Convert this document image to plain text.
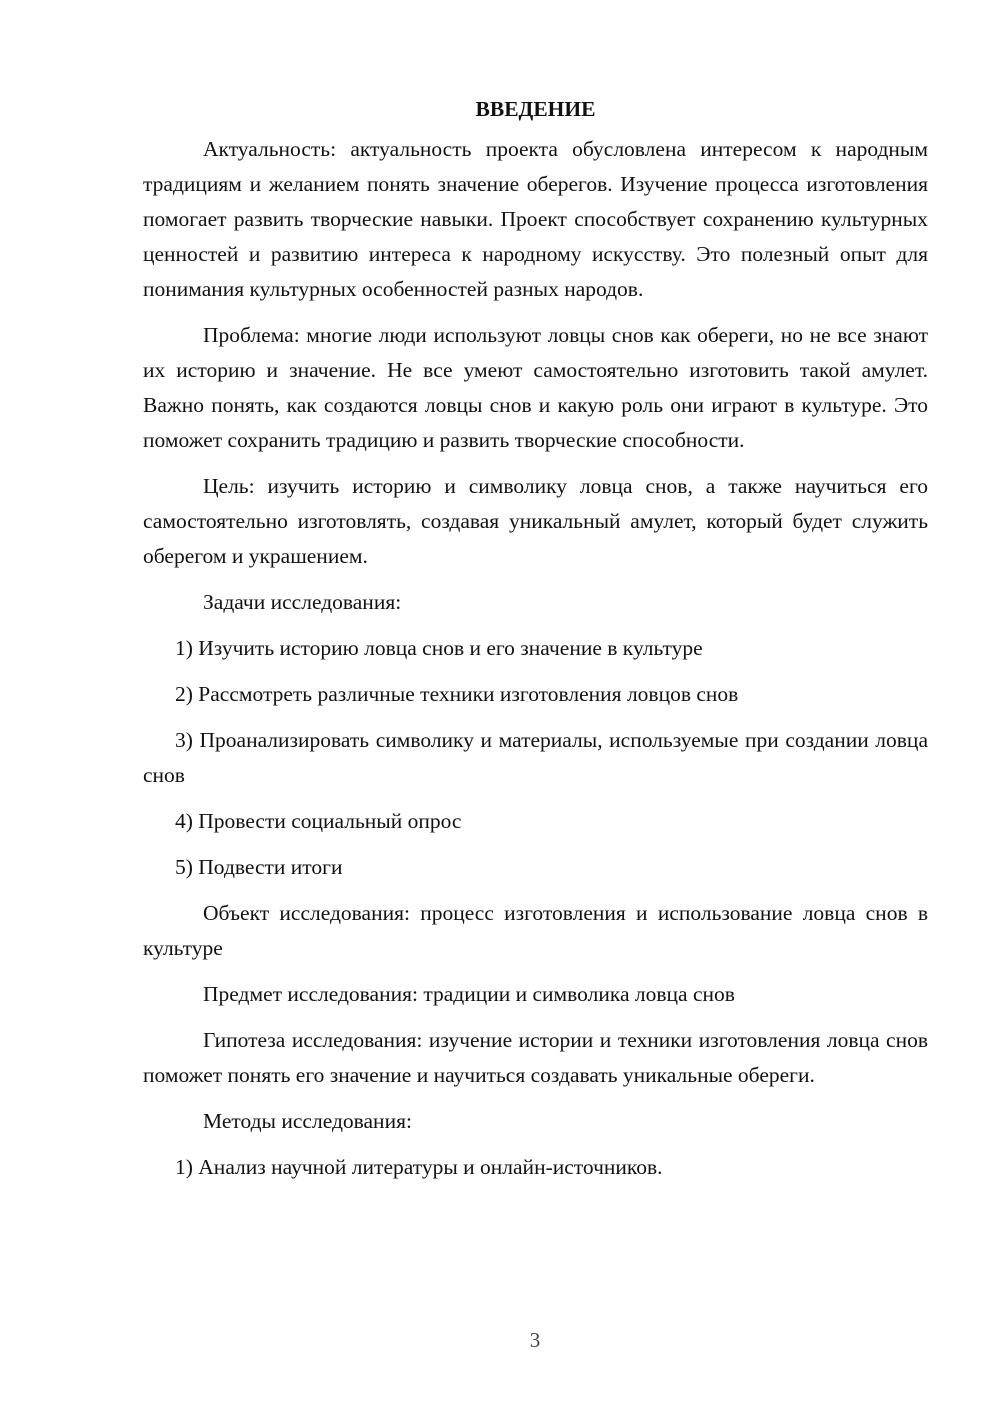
ВВЕДЕНИЕ

Актуальность: актуальность проекта обусловлена интересом к народным традициям и желанием понять значение оберегов. Изучение процесса изготовления помогает развить творческие навыки. Проект способствует сохранению культурных ценностей и развитию интереса к народному искусству. Это полезный опыт для понимания культурных особенностей разных народов.

Проблема: многие люди используют ловцы снов как обереги, но не все знают их историю и значение. Не все умеют самостоятельно изготовить такой амулет. Важно понять, как создаются ловцы снов и какую роль они играют в культуре. Это поможет сохранить традицию и развить творческие способности.

Цель: изучить историю и символику ловца снов, а также научиться его самостоятельно изготовлять, создавая уникальный амулет, который будет служить оберегом и украшением.

Задачи исследования:

1) Изучить историю ловца снов и его значение в культуре

2) Рассмотреть различные техники изготовления ловцов снов

3) Проанализировать символику и материалы, используемые при создании ловца снов

4) Провести социальный опрос

5) Подвести итоги

Объект исследования: процесс изготовления и использование ловца снов в культуре

Предмет исследования: традиции и символика ловца снов

Гипотеза исследования: изучение истории и техники изготовления ловца снов поможет понять его значение и научиться создавать уникальные обереги.

Методы исследования:

1) Анализ научной литературы и онлайн-источников.

3
